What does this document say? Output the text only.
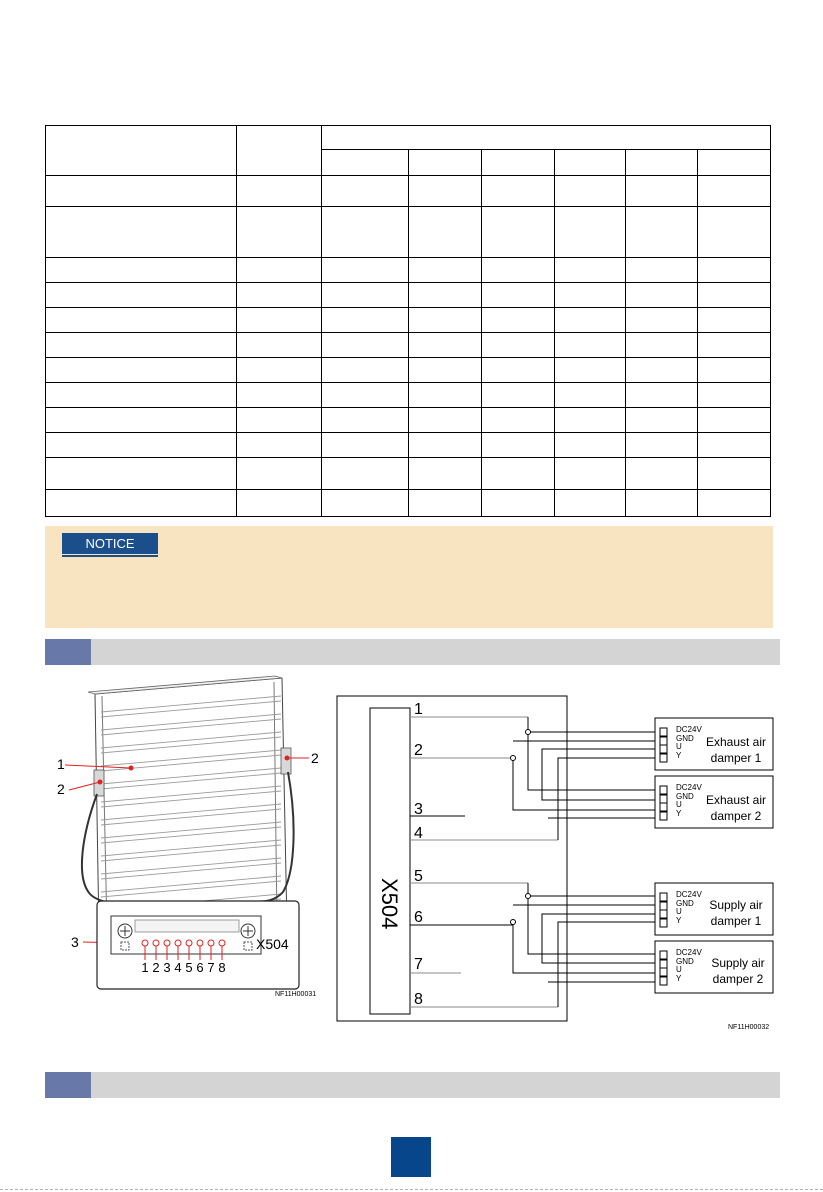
NOTICE
1
2
2
3	X504
1 2 3 4 5 6 7 8
NF11H00031
X504
1
2
3
4
5
6
7
8
DC24V
GND
U
Y
DC24V
GND
U
Y
DC24V
GND
U
Y
DC24V
GND
U
Y
Exhaust air
damper 1
Exhaust air
damper 2
Supply air
damper 1
Supply air
damper 2
NF11H00032
